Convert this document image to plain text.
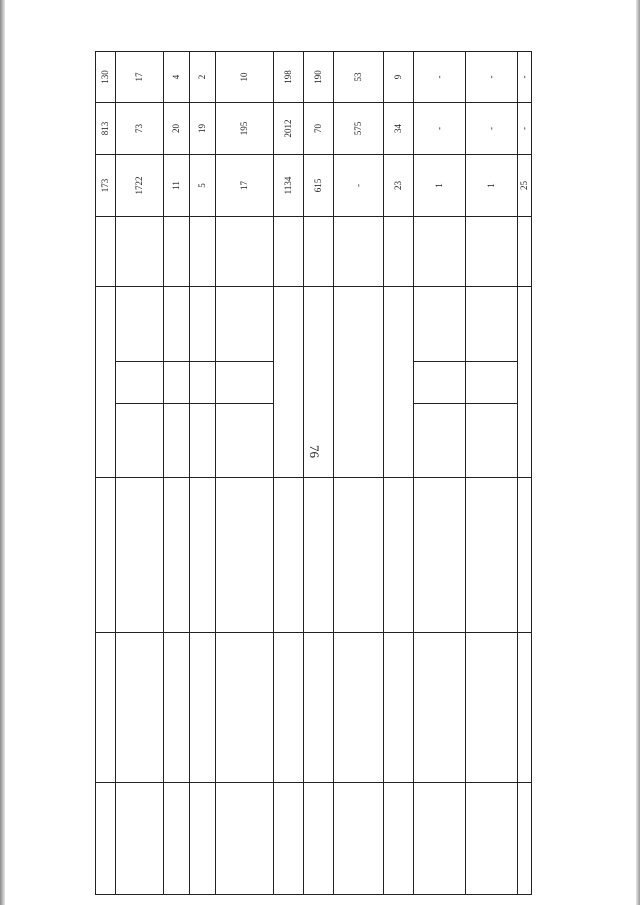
76
							173	813	130
							1722	73	17
							11	20	4
							5	19	2
							17	195	10
							1134	2012	198
							615	70	190
							-	575	53
							23	34	9
							1	-	-
							1	-	-
							25	-	-
